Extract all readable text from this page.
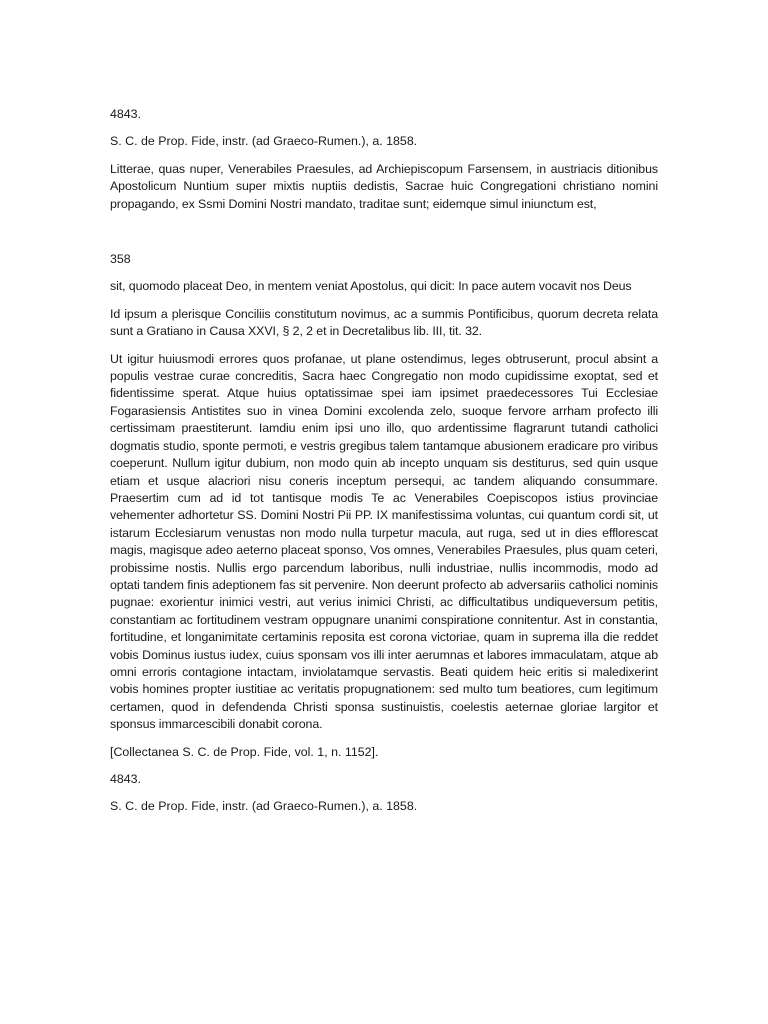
4843.

S. C. de Prop. Fide, instr. (ad Graeco-Rumen.), a. 1858.

Litterae, quas nuper, Venerabiles Praesules, ad Archiepiscopum Farsensem, in austriacis ditionibus Apostolicum Nuntium super mixtis nuptiis dedistis, Sacrae huic Congregationi christiano nomini propagando, ex Ssmi Domini Nostri mandato, traditae sunt; eidemque simul iniunctum est,

358

sit, quomodo placeat Deo, in mentem veniat Apostolus, qui dicit: In pace autem vocavit nos Deus

Id ipsum a plerisque Conciliis constitutum novimus, ac a summis Pontificibus, quorum decreta relata sunt a Gratiano in Causa XXVI, § 2, 2 et in Decretalibus lib. III, tit. 32.

Ut igitur huiusmodi errores quos profanae, ut plane ostendimus, leges obtruserunt, procul absint a populis vestrae curae concreditis, Sacra haec Congregatio non modo cupidissime exoptat, sed et fidentissime sperat. Atque huius optatissimae spei iam ipsimet praedecessores Tui Ecclesiae Fogarasiensis Antistites suo in vinea Domini excolenda zelo, suoque fervore arrham profecto illi certissimam praestiterunt. Iamdiu enim ipsi uno illo, quo ardentissime flagrarunt tutandi catholici dogmatis studio, sponte permoti, e vestris gregibus talem tantamque abusionem eradicare pro viribus coeperunt. Nullum igitur dubium, non modo quin ab incepto unquam sis destiturus, sed quin usque etiam et usque alacriori nisu coneris inceptum persequi, ac tandem aliquando consummare. Praesertim cum ad id tot tantisque modis Te ac Venerabiles Coepiscopos istius provinciae vehementer adhortetur SS. Domini Nostri Pii PP. IX manifestissima voluntas, cui quantum cordi sit, ut istarum Ecclesiarum venustas non modo nulla turpetur macula, aut ruga, sed ut in dies efflorescat magis, magisque adeo aeterno placeat sponso, Vos omnes, Venerabiles Praesules, plus quam ceteri, probissime nostis. Nullis ergo parcendum laboribus, nulli industriae, nullis incommodis, modo ad optati tandem finis adeptionem fas sit pervenire. Non deerunt profecto ab adversariis catholici nominis pugnae: exorientur inimici vestri, aut verius inimici Christi, ac difficultatibus undiqueversum petitis, constantiam ac fortitudinem vestram oppugnare unanimi conspiratione connitentur. Ast in constantia, fortitudine, et longanimitate certaminis reposita est corona victoriae, quam in suprema illa die reddet vobis Dominus iustus iudex, cuius sponsam vos illi inter aerumnas et labores immaculatam, atque ab omni erroris contagione intactam, inviolatamque servastis. Beati quidem heic eritis si maledixerint vobis homines propter iustitiae ac veritatis propugnationem: sed multo tum beatiores, cum legitimum certamen, quod in defendenda Christi sponsa sustinuistis, coelestis aeternae gloriae largitor et sponsus immarcescibili donabit corona.

[Collectanea S. C. de Prop. Fide, vol. 1, n. 1152].

4843.

S. C. de Prop. Fide, instr. (ad Graeco-Rumen.), a. 1858.
